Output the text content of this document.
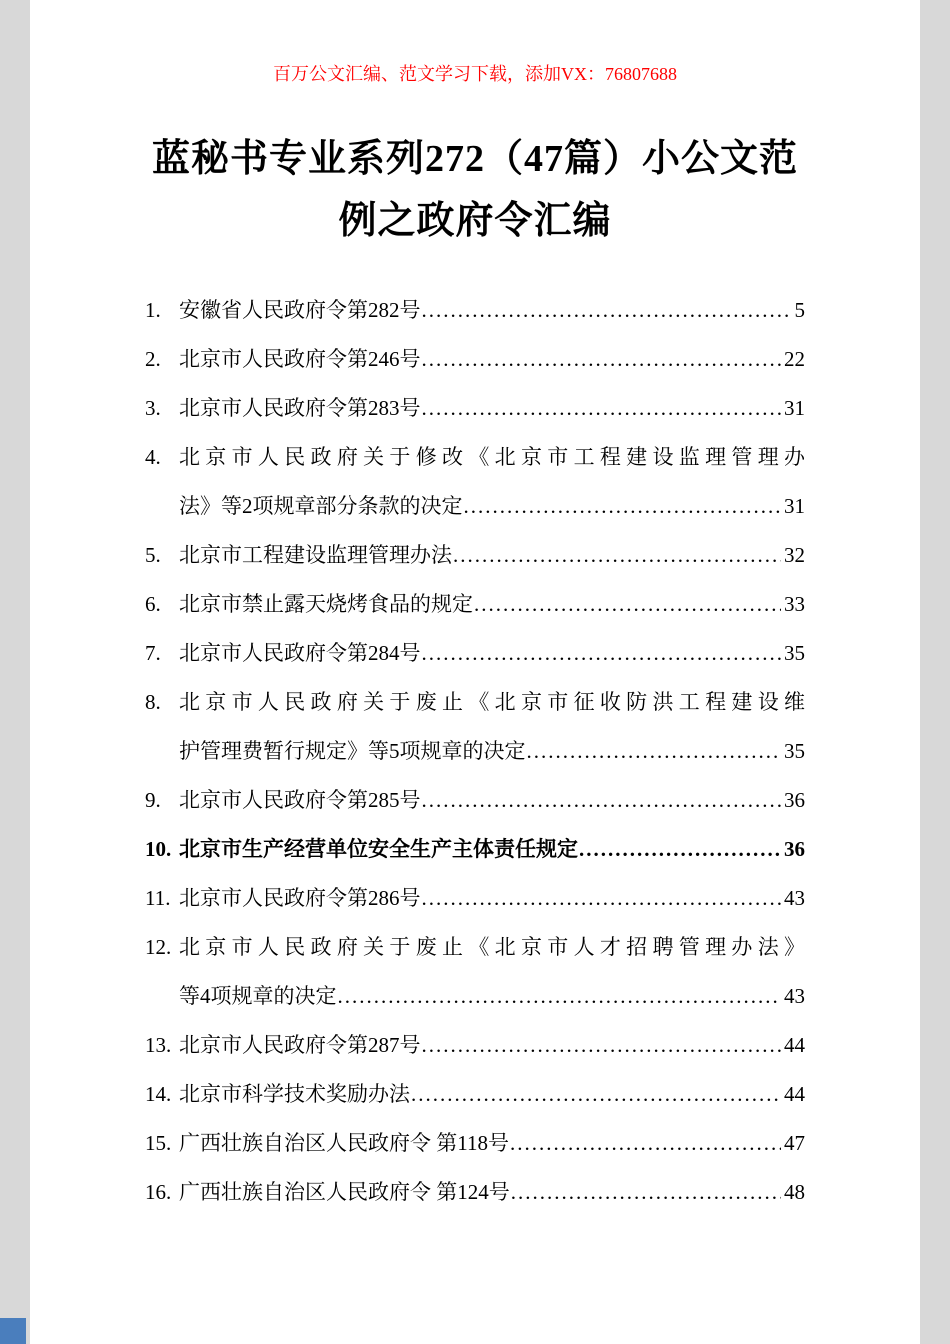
百万公文汇编、范文学习下载，添加VX：76807688
蓝秘书专业系列272（47篇）小公文范例之政府令汇编
1. 安徽省人民政府令第282号 .....	5
2. 北京市人民政府令第246号 .....	22
3. 北京市人民政府令第283号 .....	31
4. 北京市人民政府关于修改《北京市工程建设监理管理办
法》等2项规章部分条款的决定 .....	31
5. 北京市工程建设监理管理办法 .....	32
6. 北京市禁止露天烧烤食品的规定 .....	33
7. 北京市人民政府令第284号 .....	35
8. 北京市人民政府关于废止《北京市征收防洪工程建设维
护管理费暂行规定》等5项规章的决定 .....	35
9. 北京市人民政府令第285号 .....	36
10. 北京市生产经营单位安全生产主体责任规定 .....	36
11. 北京市人民政府令第286号 .....	43
12. 北京市人民政府关于废止《北京市人才招聘管理办法》
等4项规章的决定 .....	43
13. 北京市人民政府令第287号 .....	44
14. 北京市科学技术奖励办法 .....	44
15. 广西壮族自治区人民政府令 第118号 .....	47
16. 广西壮族自治区人民政府令 第124号 .....	48
